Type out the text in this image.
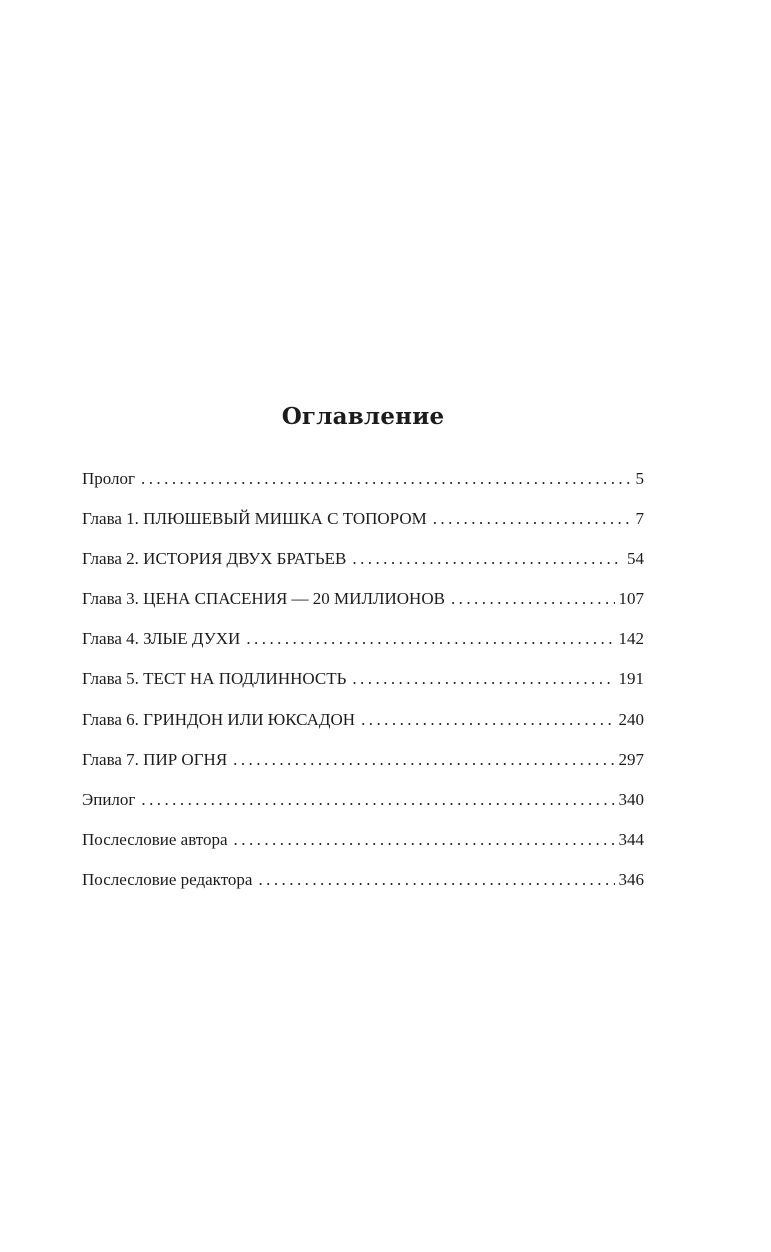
Оглавление
Пролог . . .	5
Глава 1. ПЛЮШЕВЫЙ МИШКА С ТОПОРОМ . . .	7
Глава 2. ИСТОРИЯ ДВУХ БРАТЬЕВ . . .	54
Глава 3. ЦЕНА СПАСЕНИЯ — 20 МИЛЛИОНОВ . . .	107
Глава 4. ЗЛЫЕ ДУХИ . . .	142
Глава 5. ТЕСТ НА ПОДЛИННОСТЬ . . .	191
Глава 6. ГРИНДОН ИЛИ ЮКСАДОН . . .	240
Глава 7. ПИР ОГНЯ . . .	297
Эпилог . . .	340
Послесловие автора . . .	344
Послесловие редактора . . .	346
